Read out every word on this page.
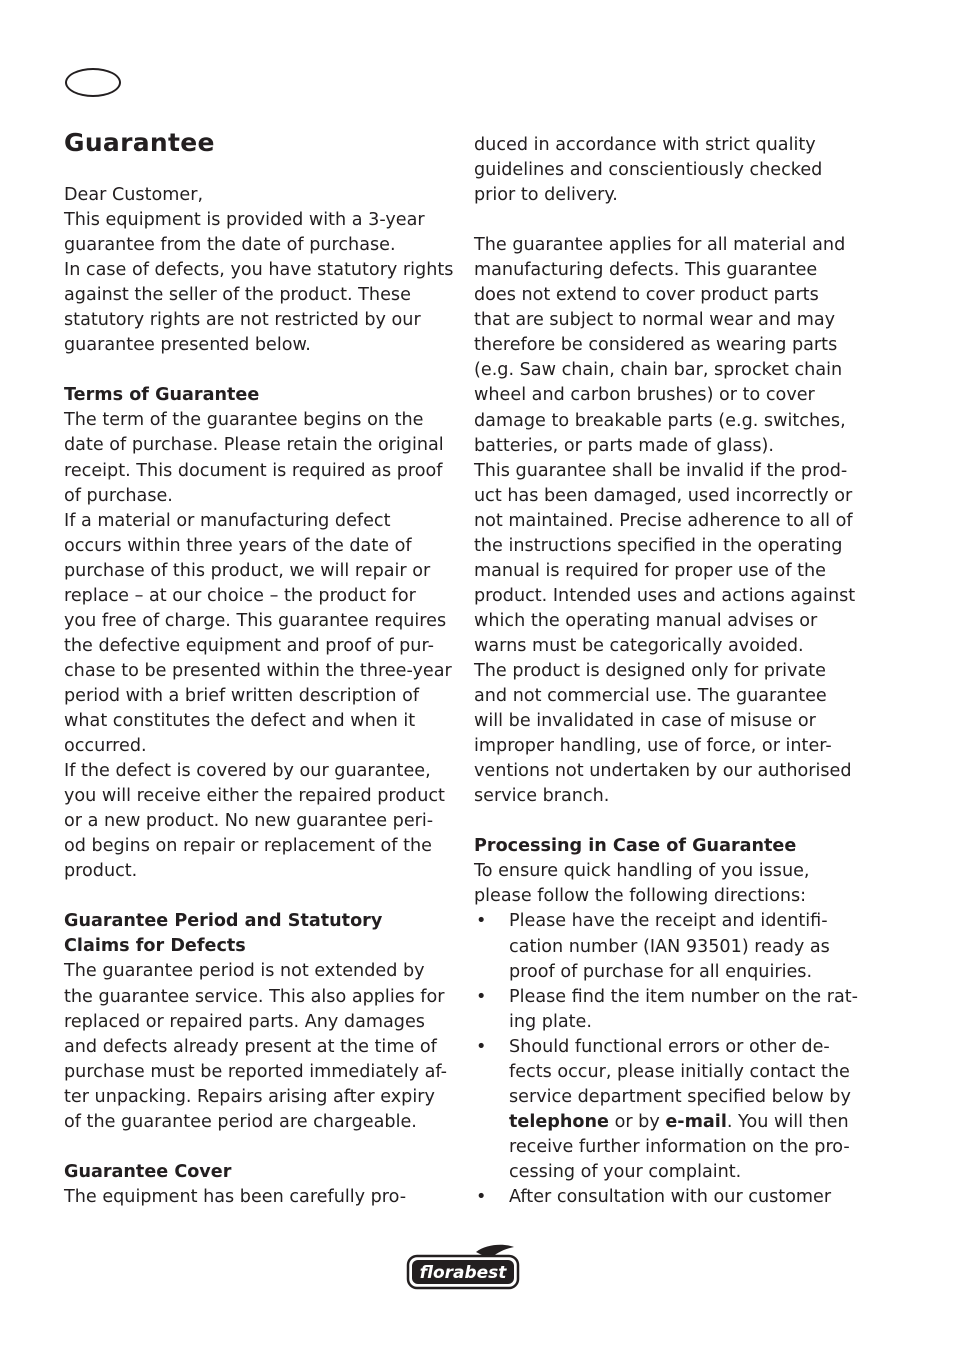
Guarantee

Dear Customer,

This equipment is provided with a 3-year

guarantee from the date of purchase.

In case of defects, you have statutory rights

against the seller of the product. These

statutory rights are not restricted by our

guarantee presented below.

Terms of Guarantee

The term of the guarantee begins on the

date of purchase. Please retain the original

receipt. This document is required as proof

of purchase.

If a material or manufacturing defect

occurs within three years of the date of

purchase of this product, we will repair or

replace – at our choice – the product for

you free of charge. This guarantee requires

the defective equipment and proof of pur-

chase to be presented within the three-year

period with a brief written description of

what constitutes the defect and when it

occurred.

If the defect is covered by our guarantee,

you will receive either the repaired product

or a new product. No new guarantee peri-

od begins on repair or replacement of the

product.

Guarantee Period and Statutory
Claims for Defects

The guarantee period is not extended by

the guarantee service. This also applies for

replaced or repaired parts. Any damages

and defects already present at the time of

purchase must be reported immediately af-

ter unpacking. Repairs arising after expiry

of the guarantee period are chargeable.

Guarantee Cover

The equipment has been carefully pro-

duced in accordance with strict quality

guidelines and conscientiously checked

prior to delivery.

The guarantee applies for all material and

manufacturing defects. This guarantee

does not extend to cover product parts

that are subject to normal wear and may

therefore be considered as wearing parts

(e.g. Saw chain, chain bar, sprocket chain

wheel and carbon brushes) or to cover

damage to breakable parts (e.g. switches,

batteries, or parts made of glass).

This guarantee shall be invalid if the prod-

uct has been damaged, used incorrectly or

not maintained. Precise adherence to all of

the instructions specified in the operating

manual is required for proper use of the

product. Intended uses and actions against

which the operating manual advises or

warns must be categorically avoided.

The product is designed only for private

and not commercial use. The guarantee

will be invalidated in case of misuse or

improper handling, use of force, or inter-

ventions not undertaken by our authorised

service branch.

Processing in Case of Guarantee

To ensure quick handling of you issue,

please follow the following directions:

• Please have the receipt and identifi-
cation number (IAN 93501) ready as
proof of purchase for all enquiries.
• Please find the item number on the rat-
ing plate.
• Should functional errors or other de-
fects occur, please initially contact the
service department specified below by
telephone or by e-mail. You will then
receive further information on the pro-
cessing of your complaint.
• After consultation with our customer
florabest
